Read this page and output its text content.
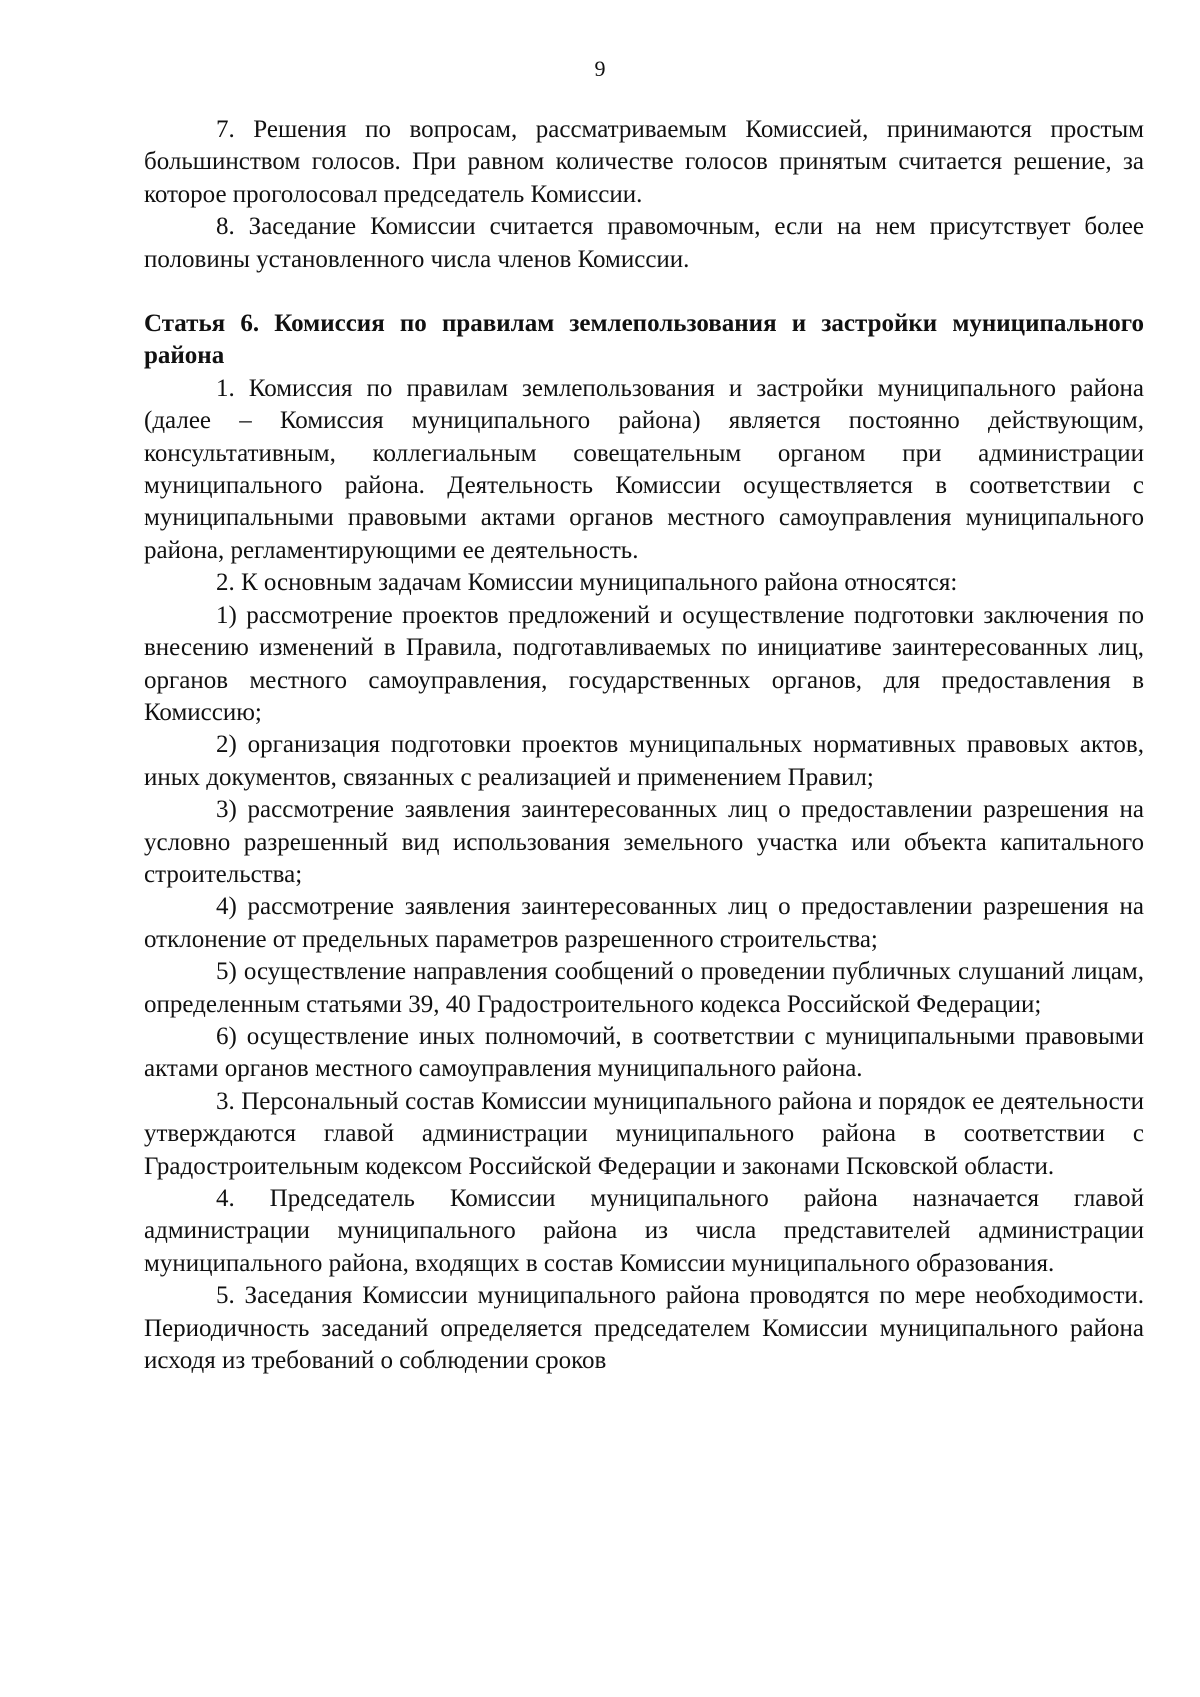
9

7. Решения по вопросам, рассматриваемым Комиссией, принимаются простым большинством голосов. При равном количестве голосов принятым считается решение, за которое проголосовал председатель Комиссии.

8. Заседание Комиссии считается правомочным, если на нем присутствует более половины установленного числа членов Комиссии.

Статья 6. Комиссия по правилам землепользования и застройки муниципального района

1. Комиссия по правилам землепользования и застройки муниципального района (далее – Комиссия муниципального района) является постоянно действующим, консультативным, коллегиальным совещательным органом при администрации муниципального района. Деятельность Комиссии осуществляется в соответствии с муниципальными правовыми актами органов местного самоуправления муниципального района, регламентирующими ее деятельность.

2. К основным задачам Комиссии муниципального района относятся:

1) рассмотрение проектов предложений и осуществление подготовки заключения по внесению изменений в Правила, подготавливаемых по инициативе заинтересованных лиц, органов местного самоуправления, государственных органов, для предоставления в Комиссию;

2) организация подготовки проектов муниципальных нормативных правовых актов, иных документов, связанных с реализацией и применением Правил;

3) рассмотрение заявления заинтересованных лиц о предоставлении разрешения на условно разрешенный вид использования земельного участка или объекта капитального строительства;

4) рассмотрение заявления заинтересованных лиц о предоставлении разрешения на отклонение от предельных параметров разрешенного строительства;

5) осуществление направления сообщений о проведении публичных слушаний лицам, определенным статьями 39, 40 Градостроительного кодекса Российской Федерации;

6) осуществление иных полномочий, в соответствии с муниципальными правовыми актами органов местного самоуправления муниципального района.

3. Персональный состав Комиссии муниципального района и порядок ее деятельности утверждаются главой администрации муниципального района в соответствии с Градостроительным кодексом Российской Федерации и законами Псковской области.

4. Председатель Комиссии муниципального района назначается главой администрации муниципального района из числа представителей администрации муниципального района, входящих в состав Комиссии муниципального образования.

5. Заседания Комиссии муниципального района проводятся по мере необходимости. Периодичность заседаний определяется председателем Комиссии муниципального района исходя из требований о соблюдении сроков
